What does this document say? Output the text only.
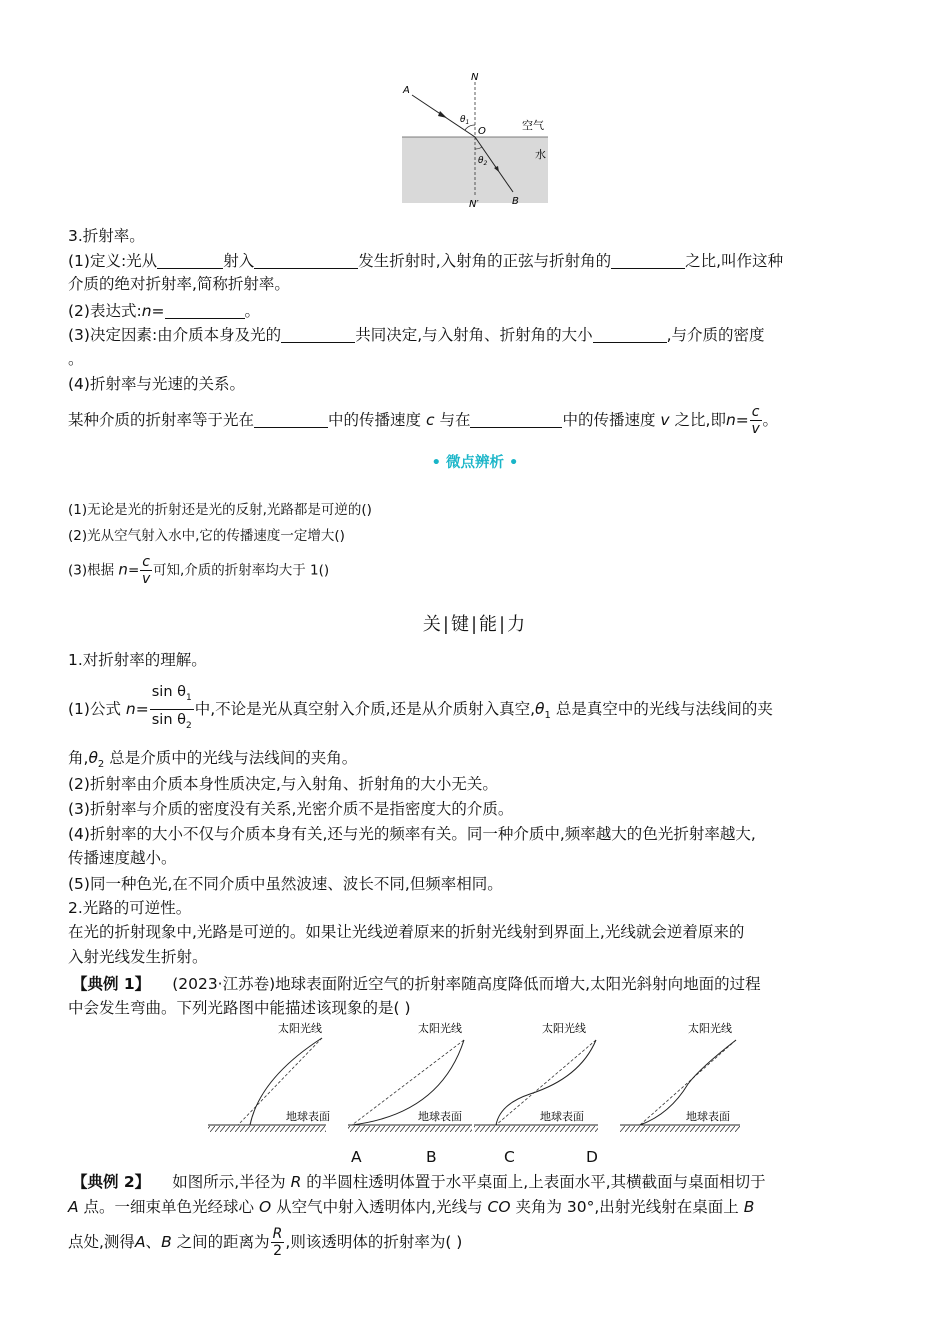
A
N
$\theta_1$
O	空气
水
$\theta_2$
N′	B
3.折射率。
(1)定义:光从	射入	发生折射时,入射角的正弦与折射角的	之比,叫作这种
介质的绝对折射率,简称折射率。
(2)表达式:n=	。
(3)决定因素:由介质本身及光的	共同决定,与入射角、折射角的大小	,与介质的密度
。
(4)折射率与光速的关系。
某种介质的折射率等于光在	中的传播速度 c 与在	中的传播速度 v 之比,即$n= \frac{c}{v}$ 。
• 微点辨析 •
(1)无论是光的折射还是光的反射,光路都是可逆的()
(2)光从空气射入水中,它的传播速度一定增大()
(3)根据 $n= \frac{c}{v}$ 可知,介质的折射率均大于 1()
关|键|能|力
1.对折射率的理解。
(1)公式 $n= \frac{\sin \theta_1}{\sin \theta_2}$ 中,不论是光从真空射入介质,还是从介质射入真空$,\theta_1$ 总是真空中的光线与法线间的夹
角$,\theta_2$ 总是介质中的光线与法线间的夹角。
(2)折射率由介质本身性质决定,与入射角、折射角的大小无关。
(3)折射率与介质的密度没有关系,光密介质不是指密度大的介质。
(4)折射率的大小不仅与介质本身有关,还与光的频率有关。同一种介质中,频率越大的色光折射率越大,
传播速度越小。
(5)同一种色光,在不同介质中虽然波速、波长不同,但频率相同。
2.光路的可逆性。
在光的折射现象中,光路是可逆的。如果让光线逆着原来的折射光线射到界面上,光线就会逆着原来的
入射光线发生折射。
【典例 1】 (2023·江苏卷)地球表面附近空气的折射率随高度降低而增大,太阳光斜射向地面的过程
中会发生弯曲。下列光路图中能描述该现象的是( )
太阳光线
地球表面
太阳光线
地球表面
太阳光线
地球表面
太阳光线
地球表面
A	B	C	D
【典例 2】 如图所示,半径为 R 的半圆柱透明体置于水平桌面上,上表面水平,其横截面与桌面相切于
A 点。一细束单色光经球心 O 从空气中射入透明体内,光线与 CO 夹角为 30°,出射光线射在桌面上 B
点处,测得A、B 之间的距离为 $\frac{R}{2}$ ,则该透明体的折射率为( )
